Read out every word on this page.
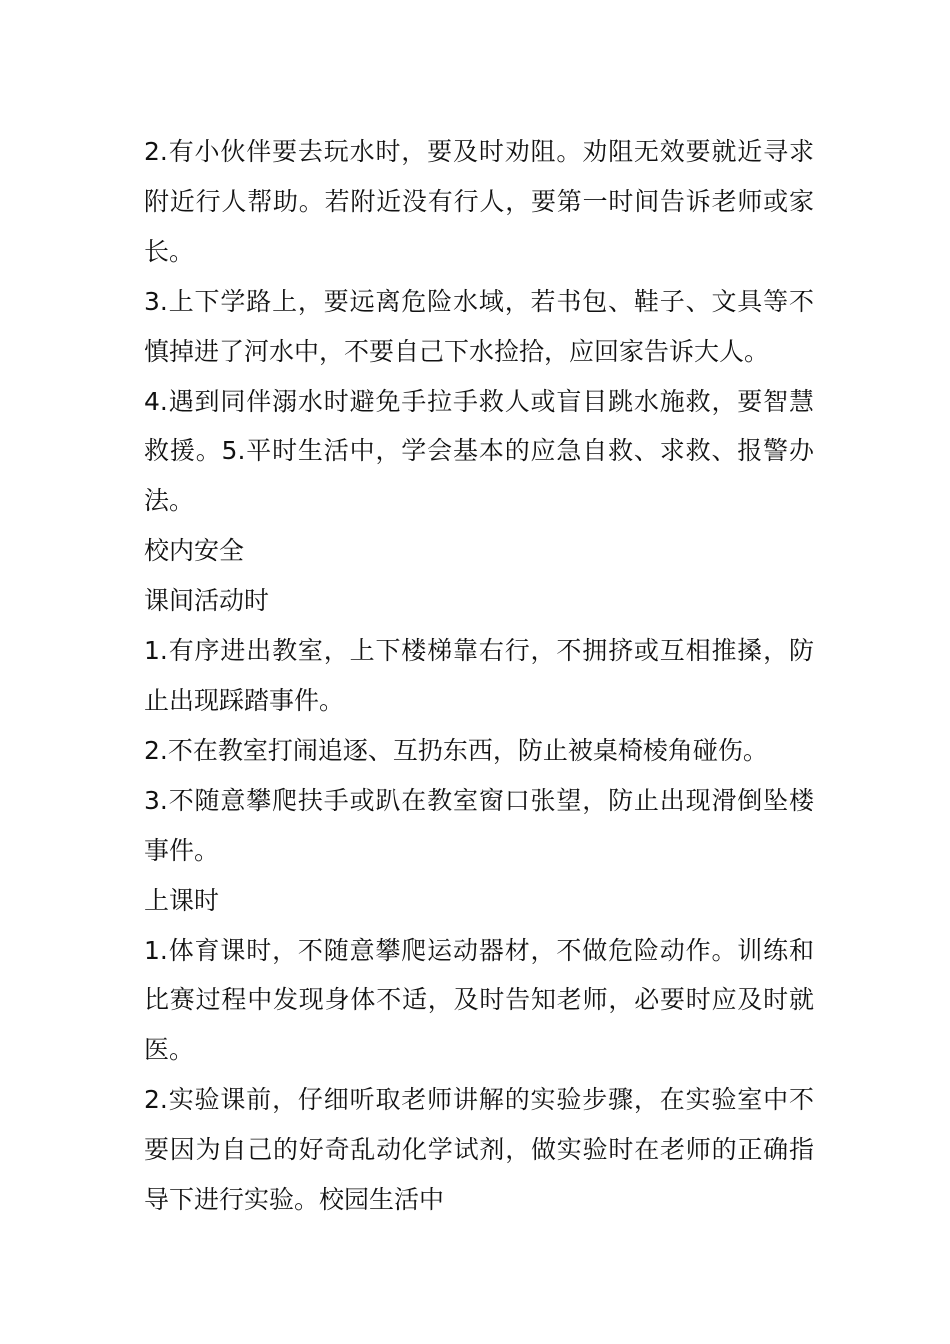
2.有小伙伴要去玩水时，要及时劝阻。劝阻无效要就近寻求附近行人帮助。若附近没有行人，要第一时间告诉老师或家长。

3.上下学路上，要远离危险水域，若书包、鞋子、文具等不慎掉进了河水中，不要自己下水捡拾，应回家告诉大人。

4.遇到同伴溺水时避免手拉手救人或盲目跳水施救，要智慧救援。5.平时生活中，学会基本的应急自救、求救、报警办法。

校内安全

课间活动时

1.有序进出教室，上下楼梯靠右行，不拥挤或互相推搡，防止出现踩踏事件。

2.不在教室打闹追逐、互扔东西，防止被桌椅棱角碰伤。

3.不随意攀爬扶手或趴在教室窗口张望，防止出现滑倒坠楼事件。

上课时

1.体育课时，不随意攀爬运动器材，不做危险动作。训练和比赛过程中发现身体不适，及时告知老师，必要时应及时就医。

2.实验课前，仔细听取老师讲解的实验步骤，在实验室中不要因为自己的好奇乱动化学试剂，做实验时在老师的正确指导下进行实验。校园生活中
